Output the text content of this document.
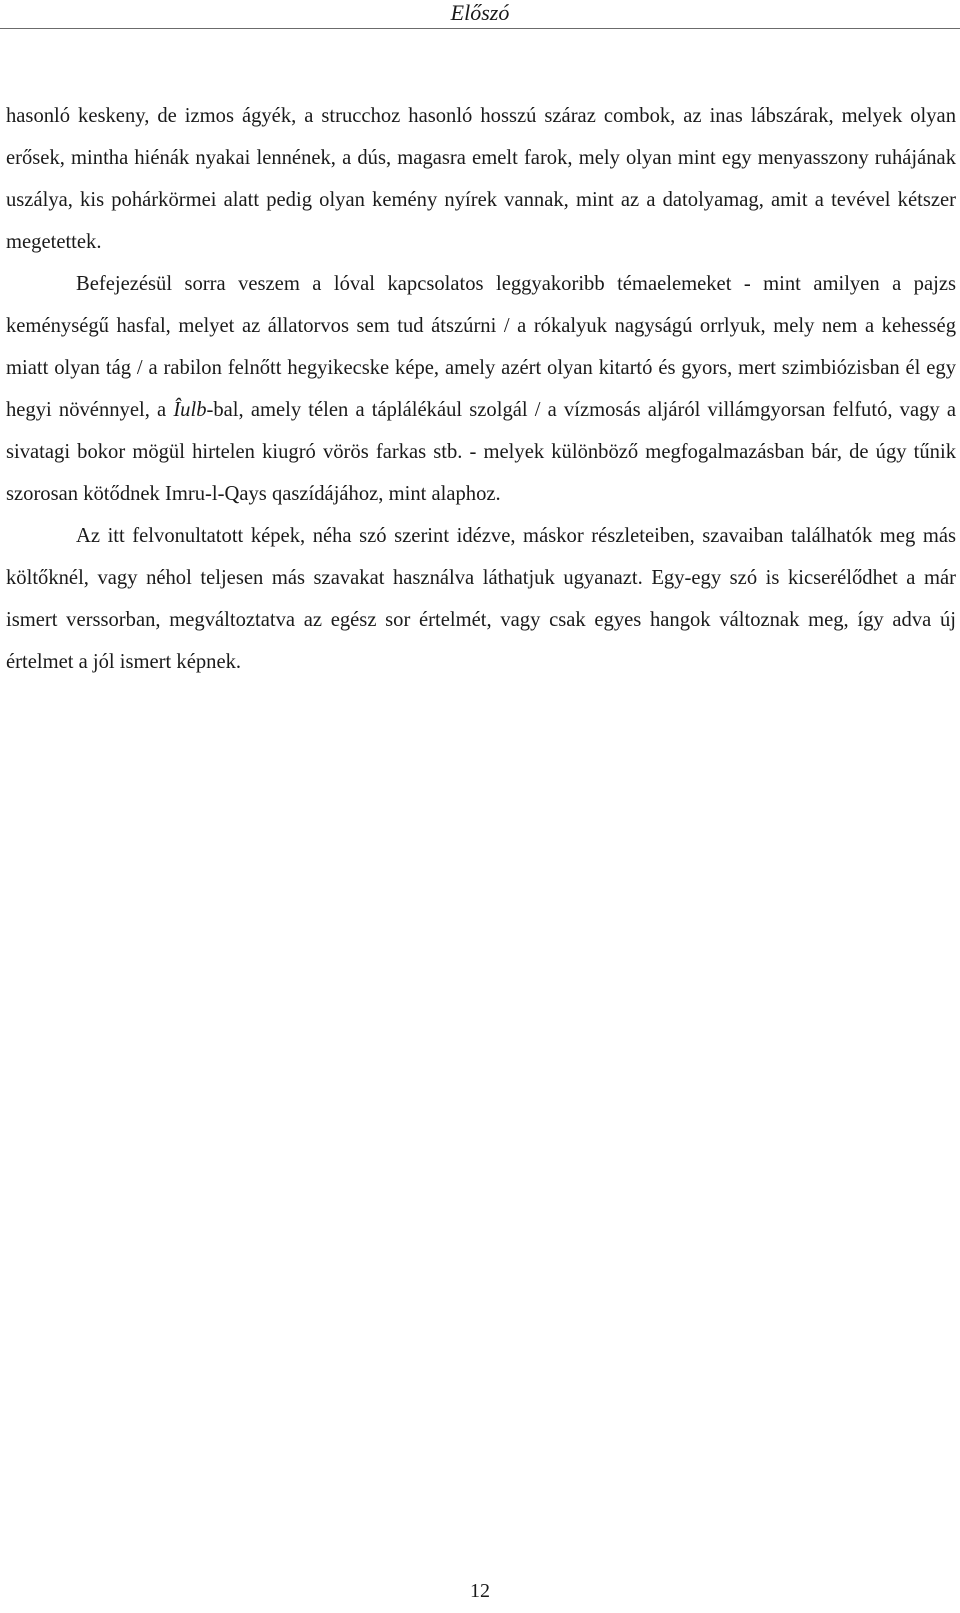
Előszó

hasonló keskeny, de izmos ágyék, a strucchoz hasonló hosszú száraz combok, az inas lábszárak, melyek olyan erősek, mintha hiénák nyakai lennének, a dús, magasra emelt farok, mely olyan mint egy menyasszony ruhájának uszálya, kis pohárkörmei alatt pedig olyan kemény nyírek vannak, mint az a datolyamag, amit a tevével kétszer megetettek.

Befejezésül sorra veszem a lóval kapcsolatos leggyakoribb témaelemeket - mint amilyen a pajzs keménységű hasfal, melyet az állatorvos sem tud átszúrni / a rókalyuk nagyságú orrlyuk, mely nem a kehesség miatt olyan tág / a rabilon felnőtt hegyikecske képe, amely azért olyan kitartó és gyors, mert szimbiózisban él egy hegyi növénnyel, a Îulb-bal, amely télen a táplálékául szolgál / a vízmosás aljáról villámgyorsan felfutó, vagy a sivatagi bokor mögül hirtelen kiugró vörös farkas stb. - melyek különböző megfogalmazásban bár, de úgy tűnik szorosan kötődnek Imru-l-Qays qaszídájához, mint alaphoz.

Az itt felvonultatott képek, néha szó szerint idézve, máskor részleteiben, szavaiban találhatók meg más költőknél, vagy néhol teljesen más szavakat használva láthatjuk ugyanazt. Egy-egy szó is kicserélődhet a már ismert verssorban, megváltoztatva az egész sor értelmét, vagy csak egyes hangok változnak meg, így adva új értelmet a jól ismert képnek.

12
